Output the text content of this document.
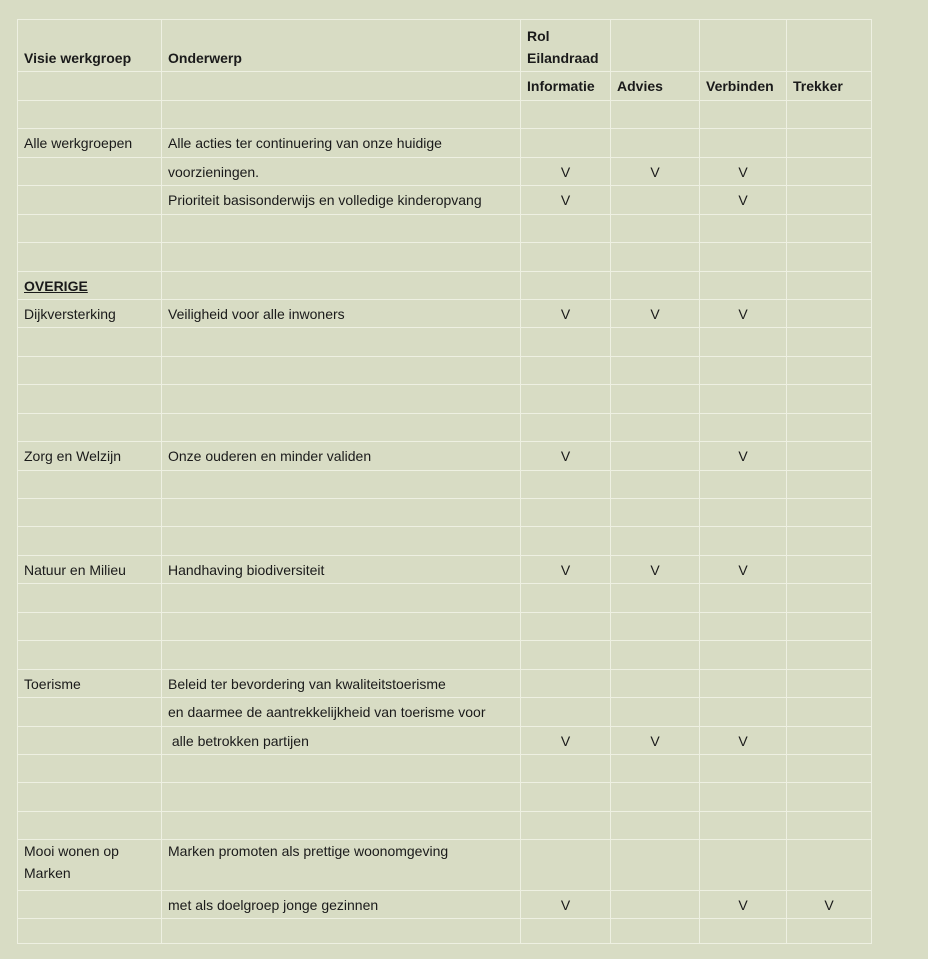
Visie werkgroep	Onderwerp	Rol
Eilandraad			

		Informatie	Advies	Verbinden	Trekker

Alle werkgroepen	Alle acties ter continuering van onze huidige				
	voorzieningen.	V	V	V	
	Prioriteit basisonderwijs en volledige kinderopvang	V		V	

OVERIGE					
Dijkversterking	Veiligheid voor alle inwoners	V	V	V	

Zorg en Welzijn	Onze ouderen en minder validen	V		V	

Natuur en Milieu	Handhaving biodiversiteit	V	V	V	

Toerisme	Beleid ter bevordering van kwaliteitstoerisme				
	en daarmee de aantrekkelijkheid van toerisme voor				
	alle betrokken partijen	V	V	V	

Mooi wonen op Marken	Marken promoten als prettige woonomgeving				
	met als doelgroep jonge gezinnen	V		V	V
